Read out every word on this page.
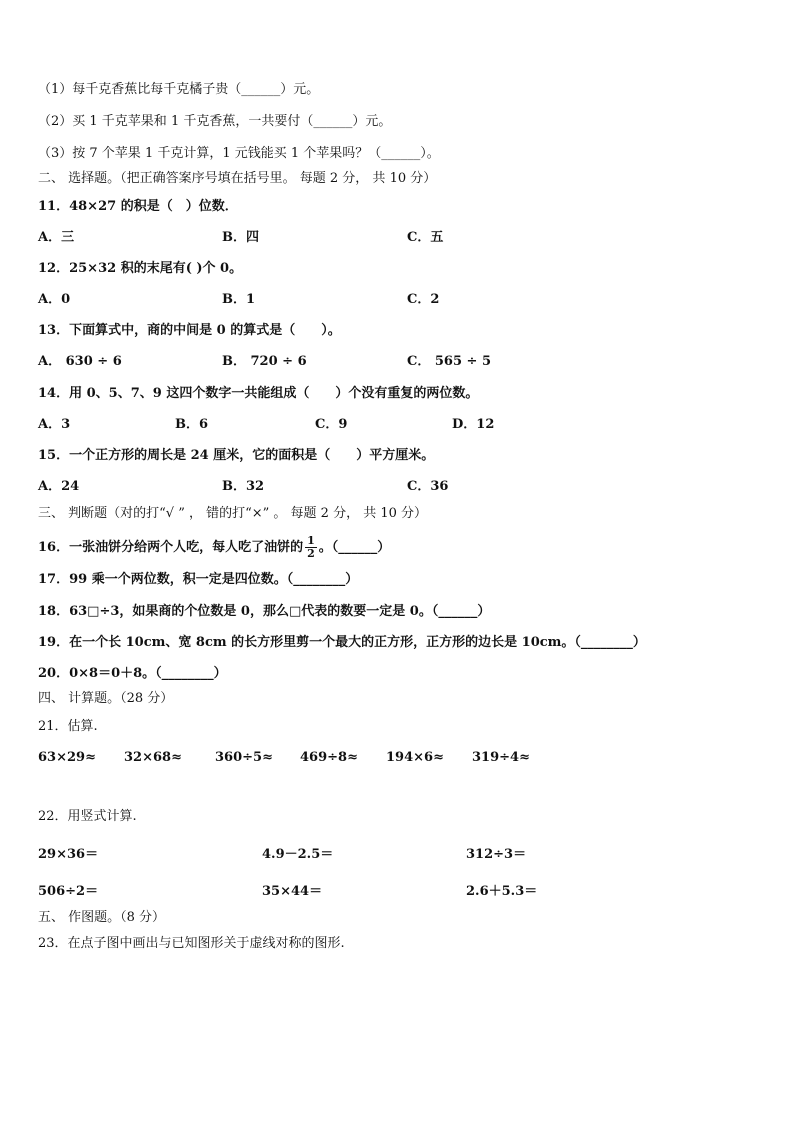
（1）每千克香蕉比每千克橘子贵（______）元。
（2）买 1 千克苹果和 1 千克香蕉，一共要付（______）元。
（3）按 7 个苹果 1 千克计算，1 元钱能买 1 个苹果吗？（______）。
二、 选择题。（把正确答案序号填在括号里。 每题 2 分， 共 10 分）
11．48×27 的积是（　）位数．
A．三	B．四	C．五
12．25×32 积的末尾有( )个 0。
A．0	B．1	C．2
13．下面算式中，商的中间是 0 的算式是（　　）。
A． 630 ÷ 6	B． 720 ÷ 6	C． 565 ÷ 5
14．用 0、5、7、9 这四个数字一共能组成（　　）个没有重复的两位数。
A．3	B．6	C．9	D．12
15．一个正方形的周长是 24 厘米，它的面积是（　　）平方厘米。
A．24	B．32	C．36
三、 判断题（对的打“√ ” ， 错的打“×” 。 每题 2 分， 共 10 分）
16．一张油饼分给两个人吃，每人吃了油饼的 $\frac{1}{2}$ 。（______）
17．99 乘一个两位数，积一定是四位数。（________）
18．63□÷3，如果商的个位数是 0，那么□代表的数要一定是 0。（______）
19．在一个长 10cm、宽 8cm 的长方形里剪一个最大的正方形，正方形的边长是 10cm。（________）
20．0×8＝0＋8。（________）
四、 计算题。（28 分）
21．估算.
63×29≈ 32×68≈	360÷5≈ 469÷8≈ 194×6≈ 319÷4≈
22．用竖式计算.
29×36＝	4.9－2.5＝	312÷3＝
506÷2＝	35×44＝	2.6＋5.3＝
五、 作图题。（8 分）
23．在点子图中画出与已知图形关于虚线对称的图形.
